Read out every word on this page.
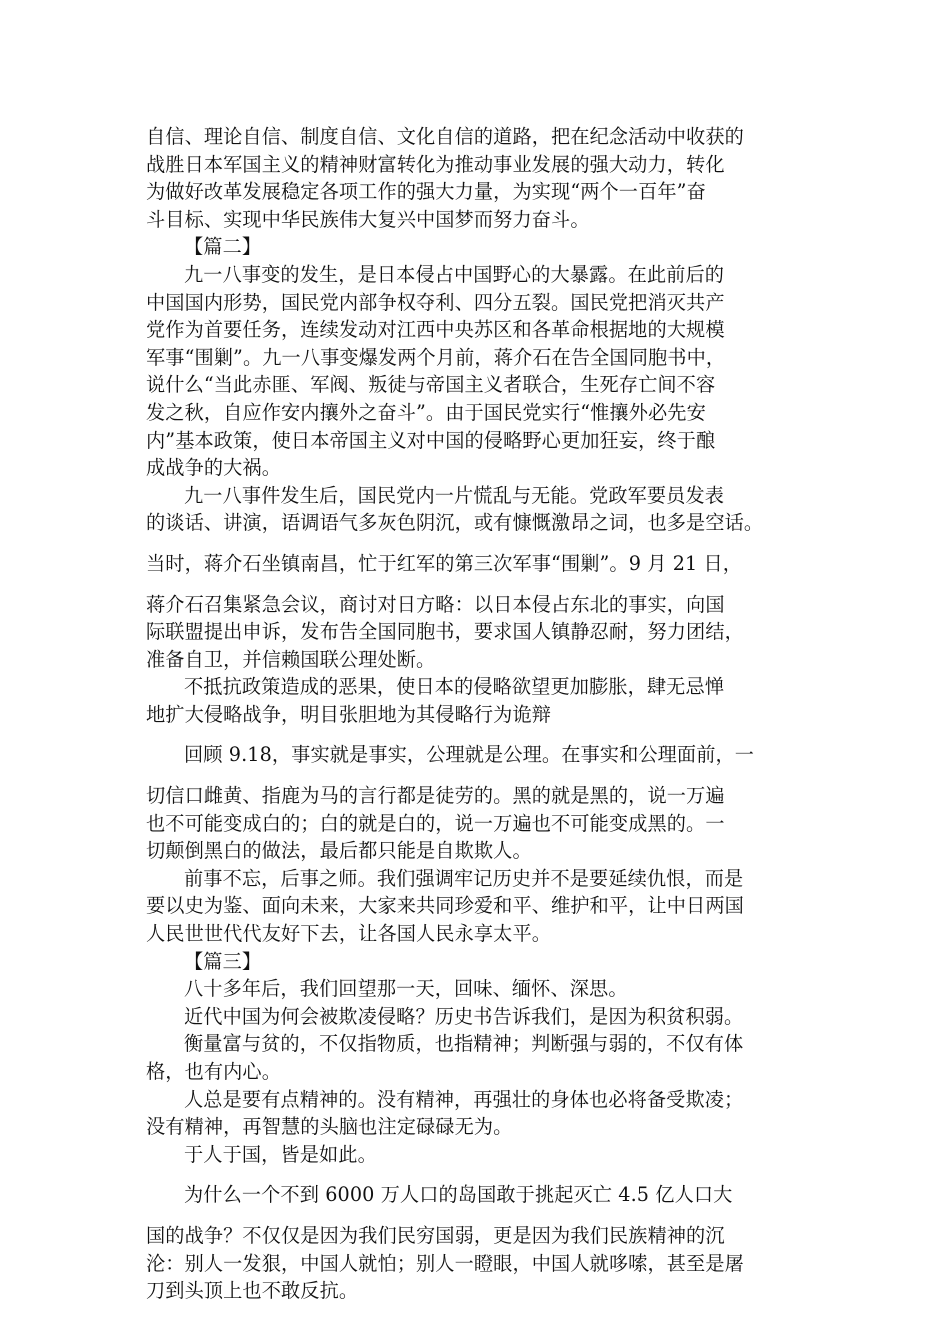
自信、理论自信、制度自信、文化自信的道路，把在纪念活动中收获的
战胜日本军国主义的精神财富转化为推动事业发展的强大动力，转化
为做好改革发展稳定各项工作的强大力量，为实现“两个一百年”奋
斗目标、实现中华民族伟大复兴中国梦而努力奋斗。
【篇二】
九一八事变的发生，是日本侵占中国野心的大暴露。在此前后的
中国国内形势，国民党内部争权夺利、四分五裂。国民党把消灭共产
党作为首要任务，连续发动对江西中央苏区和各革命根据地的大规模
军事“围剿”。九一八事变爆发两个月前，蒋介石在告全国同胞书中，
说什么“当此赤匪、军阀、叛徒与帝国主义者联合，生死存亡间不容
发之秋，自应作安内攘外之奋斗”。由于国民党实行“惟攘外必先安
内”基本政策，使日本帝国主义对中国的侵略野心更加狂妄，终于酿
成战争的大祸。
九一八事件发生后，国民党内一片慌乱与无能。党政军要员发表
的谈话、讲演，语调语气多灰色阴沉，或有慷慨激昂之词，也多是空话。
当时，蒋介石坐镇南昌，忙于红军的第三次军事“围剿”。9 月 21 日，
蒋介石召集紧急会议，商讨对日方略：以日本侵占东北的事实，向国
际联盟提出申诉，发布告全国同胞书，要求国人镇静忍耐，努力团结，
准备自卫，并信赖国联公理处断。
不抵抗政策造成的恶果，使日本的侵略欲望更加膨胀，肆无忌惮
地扩大侵略战争，明目张胆地为其侵略行为诡辩
回顾 9.18，事实就是事实，公理就是公理。在事实和公理面前，一
切信口雌黄、指鹿为马的言行都是徒劳的。黑的就是黑的，说一万遍
也不可能变成白的；白的就是白的，说一万遍也不可能变成黑的。一
切颠倒黑白的做法，最后都只能是自欺欺人。
前事不忘，后事之师。我们强调牢记历史并不是要延续仇恨，而是
要以史为鉴、面向未来，大家来共同珍爱和平、维护和平，让中日两国
人民世世代代友好下去，让各国人民永享太平。
【篇三】
八十多年后，我们回望那一天，回味、缅怀、深思。
近代中国为何会被欺凌侵略？历史书告诉我们，是因为积贫积弱。
衡量富与贫的，不仅指物质，也指精神；判断强与弱的，不仅有体
格，也有内心。
人总是要有点精神的。没有精神，再强壮的身体也必将备受欺凌；
没有精神，再智慧的头脑也注定碌碌无为。
于人于国，皆是如此。
为什么一个不到 6000 万人口的岛国敢于挑起灭亡 4.5 亿人口大
国的战争？不仅仅是因为我们民穷国弱，更是因为我们民族精神的沉
沦：别人一发狠，中国人就怕；别人一瞪眼，中国人就哆嗦，甚至是屠
刀到头顶上也不敢反抗。
